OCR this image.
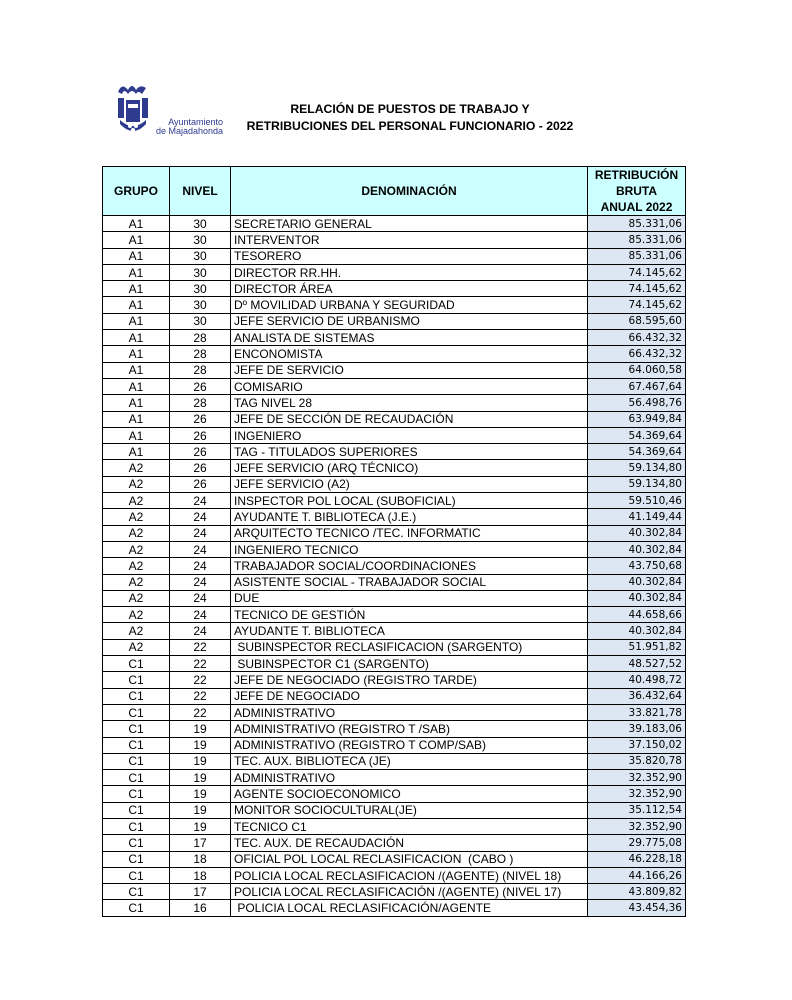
Ayuntamiento
de Majadahonda
RELACIÓN DE PUESTOS DE TRABAJO Y
RETRIBUCIONES DEL PERSONAL FUNCIONARIO - 2022
GRUPO	NIVEL	DENOMINACIÓN	RETRIBUCIÓN
BRUTA
ANUAL 2022

A1	30	SECRETARIO GENERAL	85.331,06
A1	30	INTERVENTOR	85.331,06
A1	30	TESORERO	85.331,06
A1	30	DIRECTOR RR.HH.	74.145,62
A1	30	DIRECTOR ÁREA	74.145,62
A1	30	Dº MOVILIDAD URBANA Y SEGURIDAD	74.145,62
A1	30	JEFE SERVICIO DE URBANISMO	68.595,60
A1	28	ANALISTA DE SISTEMAS	66.432,32
A1	28	ENCONOMISTA	66.432,32
A1	28	JEFE DE SERVICIO	64.060,58
A1	26	COMISARIO	67.467,64
A1	28	TAG NIVEL 28	56.498,76
A1	26	JEFE DE SECCIÓN DE RECAUDACIÓN	63.949,84
A1	26	INGENIERO	54.369,64
A1	26	TAG - TITULADOS SUPERIORES	54.369,64
A2	26	JEFE SERVICIO (ARQ TÉCNICO)	59.134,80
A2	26	JEFE SERVICIO (A2)	59.134,80
A2	24	INSPECTOR POL LOCAL (SUBOFICIAL)	59.510,46
A2	24	AYUDANTE T. BIBLIOTECA (J.E.)	41.149,44
A2	24	ARQUITECTO TECNICO /TEC. INFORMATIC	40.302,84
A2	24	INGENIERO TECNICO	40.302,84
A2	24	TRABAJADOR SOCIAL/COORDINACIONES	43.750,68
A2	24	ASISTENTE SOCIAL - TRABAJADOR SOCIAL	40.302,84
A2	24	DUE	40.302,84
A2	24	TECNICO DE GESTIÓN	44.658,66
A2	24	AYUDANTE T. BIBLIOTECA	40.302,84
A2	22	SUBINSPECTOR RECLASIFICACION (SARGENTO)	51.951,82
C1	22	SUBINSPECTOR C1 (SARGENTO)	48.527,52
C1	22	JEFE DE NEGOCIADO (REGISTRO TARDE)	40.498,72
C1	22	JEFE DE NEGOCIADO	36.432,64
C1	22	ADMINISTRATIVO	33.821,78
C1	19	ADMINISTRATIVO (REGISTRO T /SAB)	39.183,06
C1	19	ADMINISTRATIVO (REGISTRO T COMP/SAB)	37.150,02
C1	19	TEC. AUX. BIBLIOTECA (JE)	35.820,78
C1	19	ADMINISTRATIVO	32.352,90
C1	19	AGENTE SOCIOECONOMICO	32.352,90
C1	19	MONITOR SOCIOCULTURAL(JE)	35.112,54
C1	19	TECNICO C1	32.352,90
C1	17	TEC. AUX. DE RECAUDACIÓN	29.775,08
C1	18	OFICIAL POL LOCAL RECLASIFICACION  (CABO )	46.228,18
C1	18	POLICIA LOCAL RECLASIFICACION /(AGENTE) (NIVEL 18)	44.166,26
C1	17	POLICIA LOCAL RECLASIFICACIÓN /(AGENTE) (NIVEL 17)	43.809,82
C1	16	POLICIA LOCAL RECLASIFICACIÓN/AGENTE	43.454,36
